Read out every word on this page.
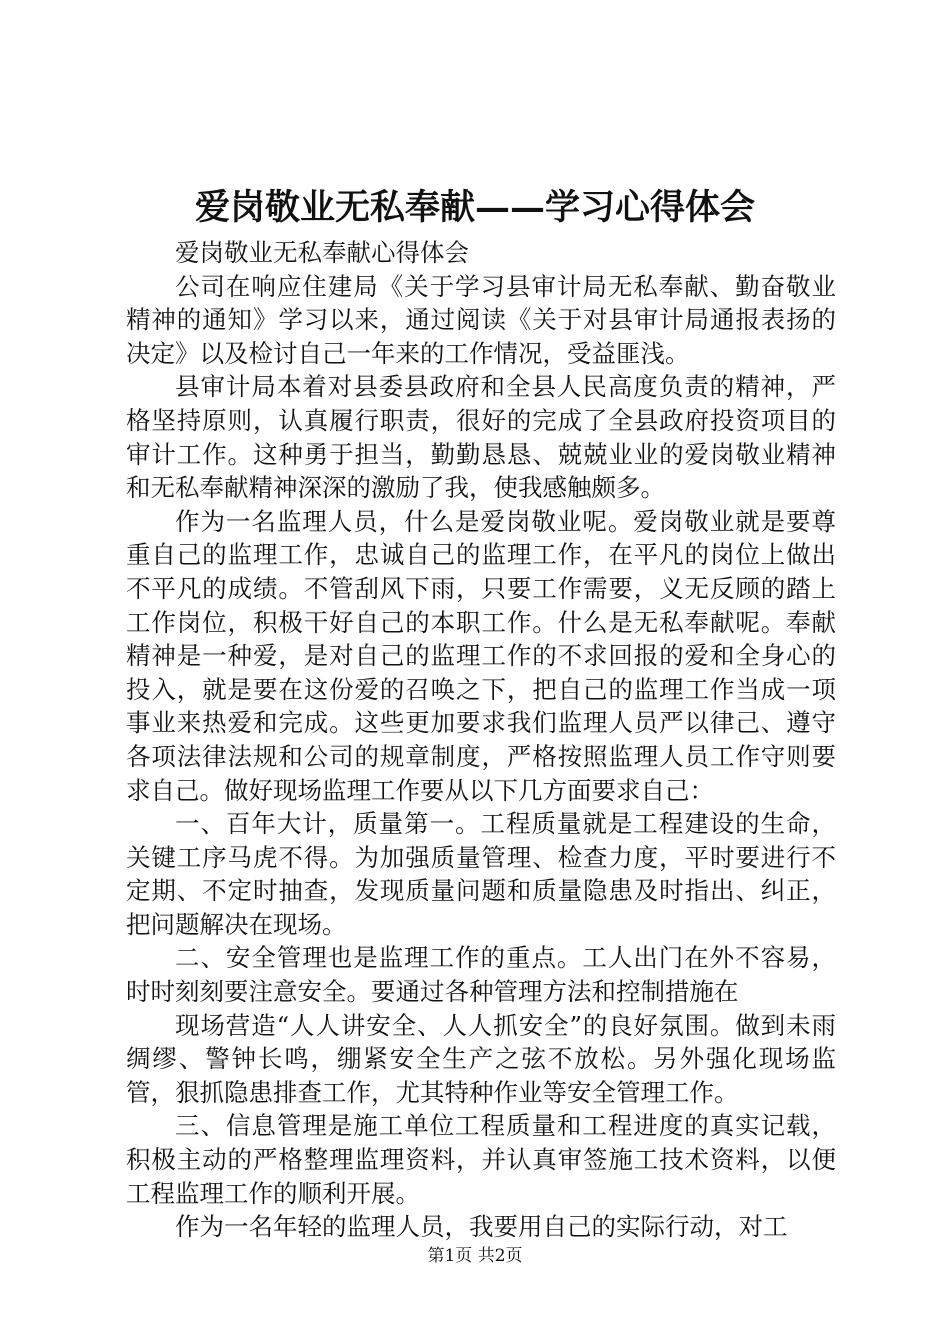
爱岗敬业无私奉献——学习心得体会

爱岗敬业无私奉献心得体会

公司在响应住建局《关于学习县审计局无私奉献、勤奋敬业精神的通知》学习以来，通过阅读《关于对县审计局通报表扬的决定》以及检讨自己一年来的工作情况，受益匪浅。

县审计局本着对县委县政府和全县人民高度负责的精神，严格坚持原则，认真履行职责，很好的完成了全县政府投资项目的审计工作。这种勇于担当，勤勤恳恳、兢兢业业的爱岗敬业精神和无私奉献精神深深的激励了我，使我感触颇多。

作为一名监理人员，什么是爱岗敬业呢。爱岗敬业就是要尊重自己的监理工作，忠诚自己的监理工作，在平凡的岗位上做出不平凡的成绩。不管刮风下雨，只要工作需要，义无反顾的踏上工作岗位，积极干好自己的本职工作。什么是无私奉献呢。奉献精神是一种爱，是对自己的监理工作的不求回报的爱和全身心的投入，就是要在这份爱的召唤之下，把自己的监理工作当成一项事业来热爱和完成。这些更加要求我们监理人员严以律己、遵守各项法律法规和公司的规章制度，严格按照监理人员工作守则要求自己。做好现场监理工作要从以下几方面要求自己：

一、百年大计，质量第一。工程质量就是工程建设的生命，关键工序马虎不得。为加强质量管理、检查力度，平时要进行不定期、不定时抽查，发现质量问题和质量隐患及时指出、纠正，把问题解决在现场。

二、安全管理也是监理工作的重点。工人出门在外不容易，时时刻刻要注意安全。要通过各种管理方法和控制措施在

现场营造“人人讲安全、人人抓安全”的良好氛围。做到未雨绸缪、警钟长鸣，绷紧安全生产之弦不放松。另外强化现场监管，狠抓隐患排查工作，尤其特种作业等安全管理工作。

三、信息管理是施工单位工程质量和工程进度的真实记载，积极主动的严格整理监理资料，并认真审签施工技术资料，以便工程监理工作的顺利开展。

作为一名年轻的监理人员，我要用自己的实际行动，对工

第1页 共2页
